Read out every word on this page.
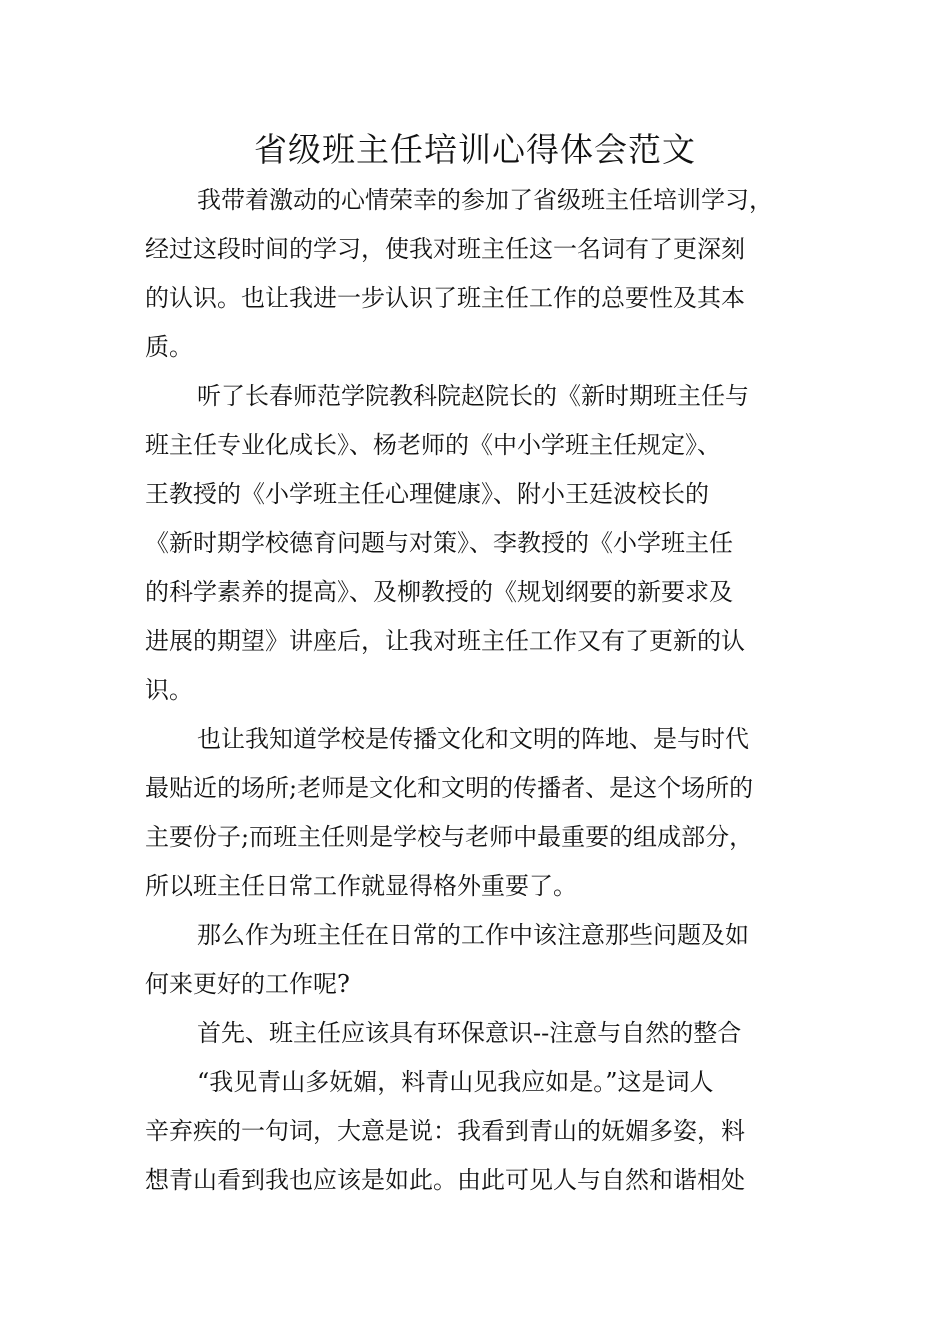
省级班主任培训心得体会范文
我带着激动的心情荣幸的参加了省级班主任培训学习，
经过这段时间的学习，使我对班主任这一名词有了更深刻
的认识。也让我进一步认识了班主任工作的总要性及其本
质。
听了长春师范学院教科院赵院长的《新时期班主任与
班主任专业化成长》、杨老师的《中小学班主任规定》、
王教授的《小学班主任心理健康》、附小王廷波校长的
《新时期学校德育问题与对策》、李教授的《小学班主任
的科学素养的提高》、及柳教授的《规划纲要的新要求及
进展的期望》讲座后，让我对班主任工作又有了更新的认
识。
也让我知道学校是传播文化和文明的阵地、是与时代
最贴近的场所;老师是文化和文明的传播者、是这个场所的
主要份子;而班主任则是学校与老师中最重要的组成部分，
所以班主任日常工作就显得格外重要了。
那么作为班主任在日常的工作中该注意那些问题及如
何来更好的工作呢?
首先、班主任应该具有环保意识--注意与自然的整合
“我见青山多妩媚，料青山见我应如是。”这是词人
辛弃疾的一句词，大意是说：我看到青山的妩媚多姿，料
想青山看到我也应该是如此。由此可见人与自然和谐相处
